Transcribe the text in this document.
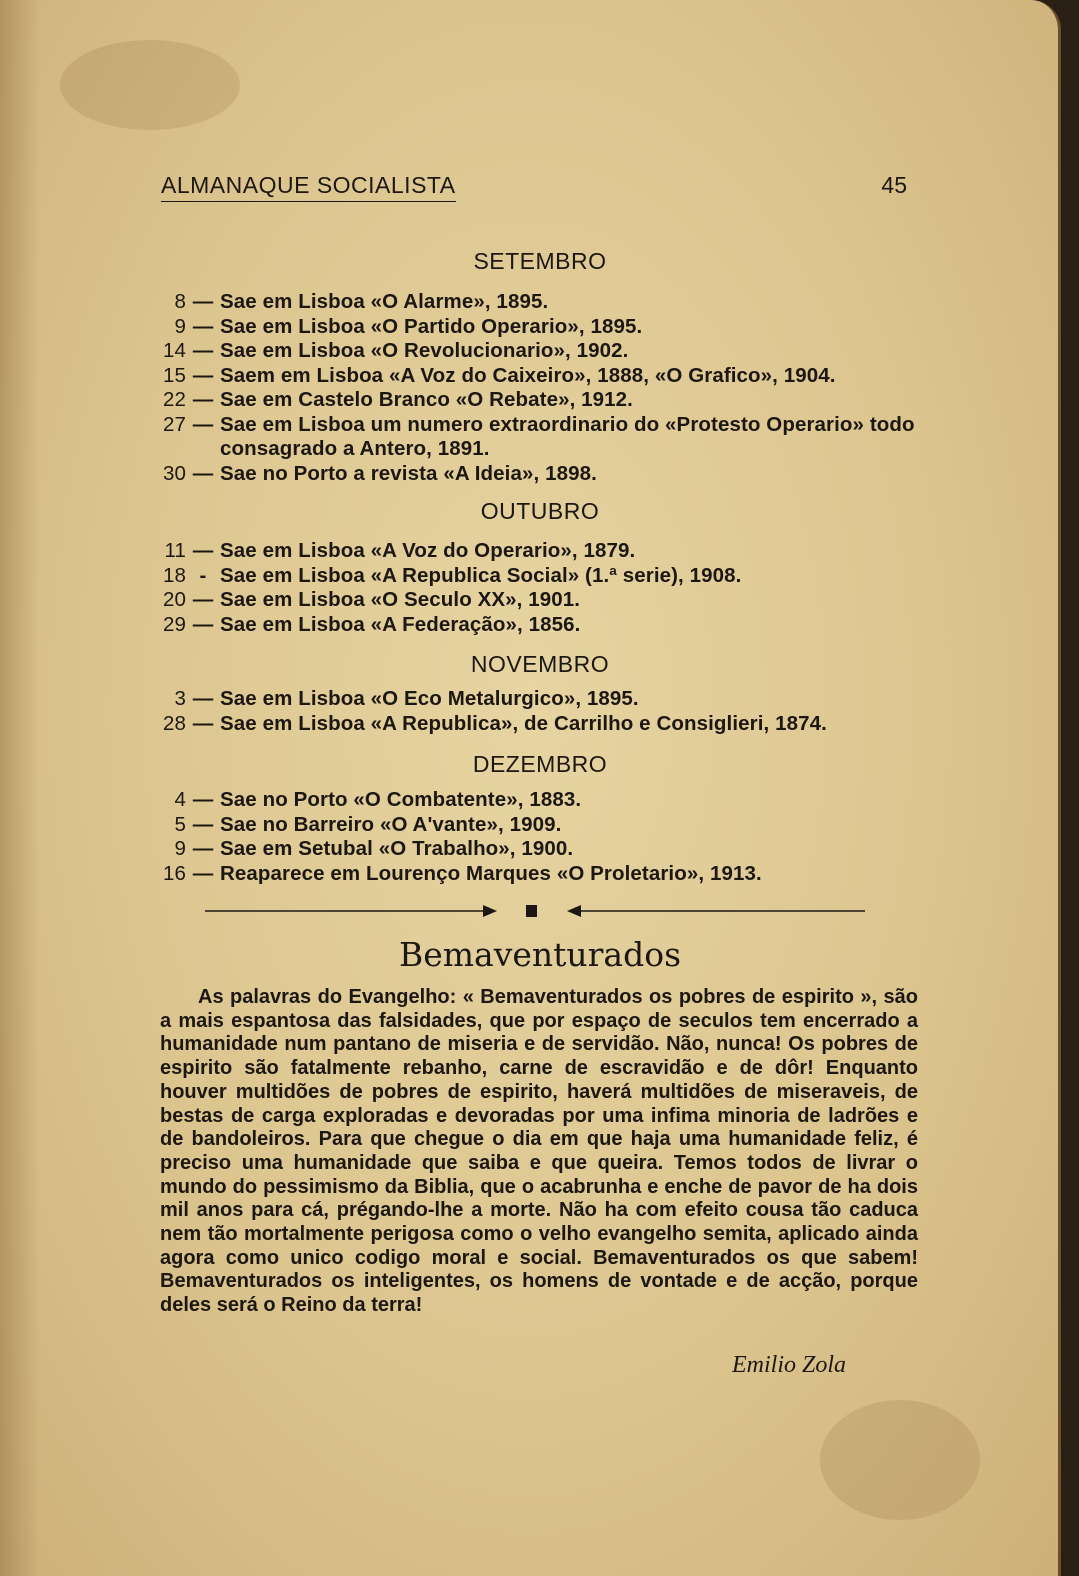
ALMANAQUE SOCIALISTA	45
SETEMBRO
8 — Sae em Lisboa «O Alarme», 1895.
9 — Sae em Lisboa «O Partido Operario», 1895.
14 — Sae em Lisboa «O Revolucionario», 1902.
15 — Saem em Lisboa «A Voz do Caixeiro», 1888, «O Grafico», 1904.
22 — Sae em Castelo Branco «O Rebate», 1912.
27 — Sae em Lisboa um numero extraordinario do «Protesto Operario» todo consagrado a Antero, 1891.
30 — Sae no Porto a revista «A Ideia», 1898.
OUTUBRO
11 — Sae em Lisboa «A Voz do Operario», 1879.
18 - Sae em Lisboa «A Republica Social» (1.ª serie), 1908.
20 — Sae em Lisboa «O Seculo XX», 1901.
29 — Sae em Lisboa «A Federação», 1856.
NOVEMBRO
3 — Sae em Lisboa «O Eco Metalurgico», 1895.
28 — Sae em Lisboa «A Republica», de Carrilho e Consiglieri, 1874.
DEZEMBRO
4 — Sae no Porto «O Combatente», 1883.
5 — Sae no Barreiro «O A'vante», 1909.
9 — Sae em Setubal «O Trabalho», 1900.
16 — Reaparece em Lourenço Marques «O Proletario», 1913.
Bemaventurados
As palavras do Evangelho: « Bemaventurados os pobres de espirito », são a mais espantosa das falsidades, que por espaço de seculos tem encerrado a humanidade num pantano de miseria e de servidão. Não, nunca! Os pobres de espirito são fatalmente rebanho, carne de escravidão e de dôr! Enquanto houver multidões de pobres de espirito, haverá multidões de miseraveis, de bestas de carga exploradas e devoradas por uma infima minoria de ladrões e de bandoleiros. Para que chegue o dia em que haja uma humanidade feliz, é preciso uma humanidade que saiba e que queira. Temos todos de livrar o mundo do pessimismo da Biblia, que o acabrunha e enche de pavor de ha dois mil anos para cá, prégando-lhe a morte. Não ha com efeito cousa tão caduca nem tão mortalmente perigosa como o velho evangelho semita, aplicado ainda agora como unico codigo moral e social. Bemaventurados os que sabem! Bemaventurados os inteligentes, os homens de vontade e de acção, porque deles será o Reino da terra!
Emilio Zola
